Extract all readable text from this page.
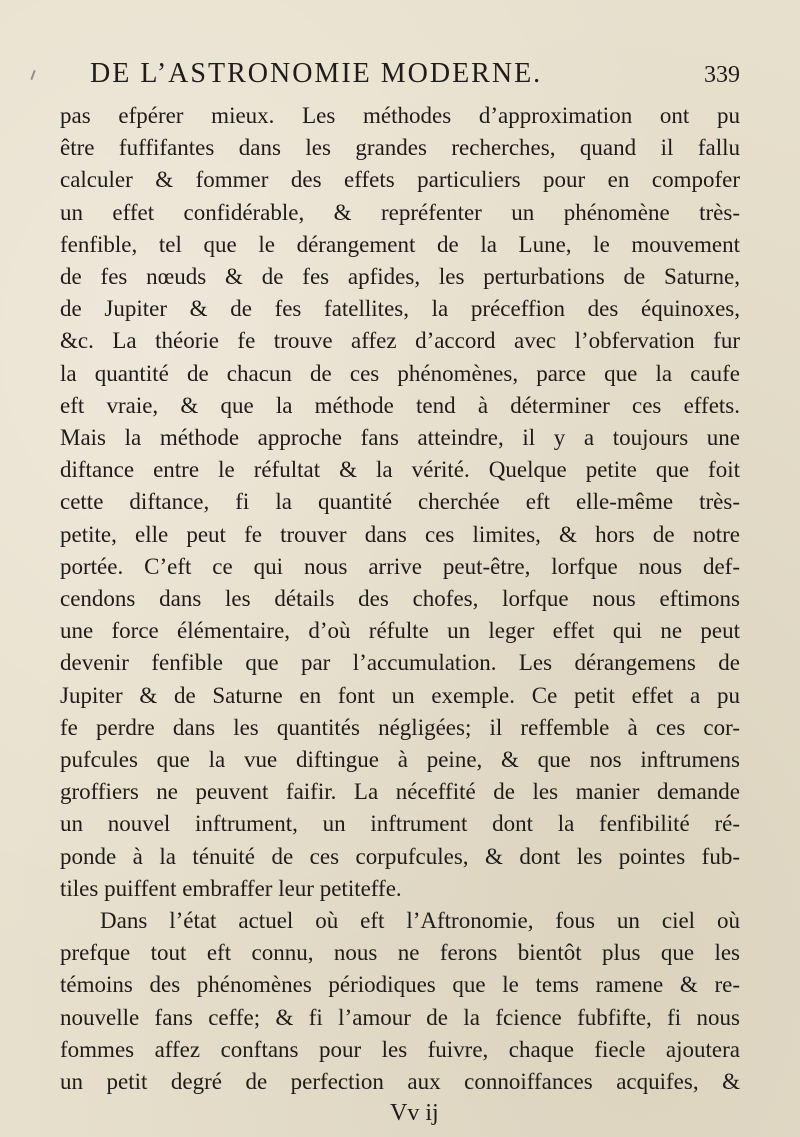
DE L’ASTRONOMIE MODERNE.	339
pas efpérer mieux. Les méthodes d’approximation ont pu
être fuffifantes dans les grandes recherches, quand il fallu
calculer & fommer des effets particuliers pour en compofer
un effet confidérable, & repréfenter un phénomène très-
fenfible, tel que le dérangement de la Lune, le mouvement
de fes nœuds & de fes apfides, les perturbations de Saturne,
de Jupiter & de fes fatellites, la préceffion des équinoxes,
&c. La théorie fe trouve affez d’accord avec l’obfervation fur
la quantité de chacun de ces phénomènes, parce que la caufe
eft vraie, & que la méthode tend à déterminer ces effets.
Mais la méthode approche fans atteindre, il y a toujours une
diftance entre le réfultat & la vérité. Quelque petite que foit
cette diftance, fi la quantité cherchée eft elle-même très-
petite, elle peut fe trouver dans ces limites, & hors de notre
portée. C’eft ce qui nous arrive peut-être, lorfque nous def-
cendons dans les détails des chofes, lorfque nous eftimons
une force élémentaire, d’où réfulte un leger effet qui ne peut
devenir fenfible que par l’accumulation. Les dérangemens de
Jupiter & de Saturne en font un exemple. Ce petit effet a pu
fe perdre dans les quantités négligées; il reffemble à ces cor-
pufcules que la vue diftingue à peine, & que nos inftrumens
groffiers ne peuvent faifir. La néceffité de les manier demande
un nouvel inftrument, un inftrument dont la fenfibilité ré-
ponde à la ténuité de ces corpufcules, & dont les pointes fub-
tiles puiffent embraffer leur petiteffe.
Dans l’état actuel où eft l’Aftronomie, fous un ciel où
prefque tout eft connu, nous ne ferons bientôt plus que les
témoins des phénomènes périodiques que le tems ramene & re-
nouvelle fans ceffe; & fi l’amour de la fcience fubfifte, fi nous
fommes affez conftans pour les fuivre, chaque fiecle ajoutera
un petit degré de perfection aux connoiffances acquifes, &
Vv ij
